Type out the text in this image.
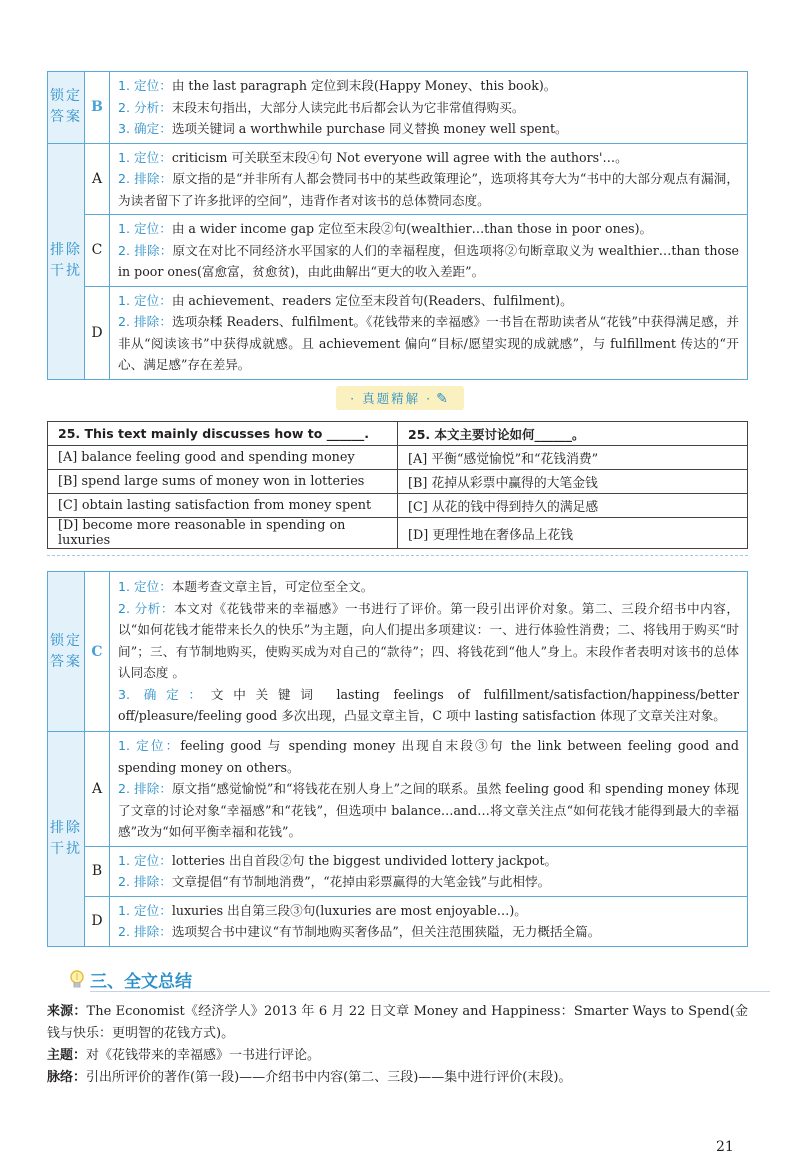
锁定答案	B	1. 定位：由 the last paragraph 定位到末段(Happy Money、this book)。
2. 分析：末段末句指出，大部分人读完此书后都会认为它非常值得购买。
3. 确定：选项关键词 a worthwhile purchase 同义替换 money well spent。

排除干扰	A	1. 定位：criticism 可关联至末段④句 Not everyone will agree with the authors'…。
2. 排除：原文指的是“并非所有人都会赞同书中的某些政策理论”，选项将其夸大为“书中的大部分观点有漏洞，为读者留下了许多批评的空间”，违背作者对该书的总体赞同态度。

	C	1. 定位：由 a wider income gap 定位至末段②句(wealthier…than those in poor ones)。
2. 排除：原文在对比不同经济水平国家的人们的幸福程度，但选项将②句断章取义为 wealthier…than those in poor ones(富愈富，贫愈贫)，由此曲解出“更大的收入差距”。

	D	1. 定位：由 achievement、readers 定位至末段首句(Readers、fulfilment)。
2. 排除：选项杂糅 Readers、fulfilment。《花钱带来的幸福感》一书旨在帮助读者从“花钱”中获得满足感，并非从“阅读该书”中获得成就感。且 achievement 偏向“目标/愿望实现的成就感”，与 fulfillment 传达的“开心、满足感”存在差异。
· 真题精解 · ✎
25. This text mainly discusses how to ______.	25. 本文主要讨论如何______。
[A] balance feeling good and spending money	[A] 平衡“感觉愉悦”和“花钱消费”
[B] spend large sums of money won in lotteries	[B] 花掉从彩票中赢得的大笔金钱
[C] obtain lasting satisfaction from money spent	[C] 从花的钱中得到持久的满足感
[D] become more reasonable in spending on luxuries	[D] 更理性地在奢侈品上花钱
锁定答案	C	1. 定位：本题考查文章主旨，可定位至全文。
2. 分析：本文对《花钱带来的幸福感》一书进行了评价。第一段引出评价对象。第二、三段介绍书中内容，以“如何花钱才能带来长久的快乐”为主题，向人们提出多项建议：一、进行体验性消费；二、将钱用于购买“时间”；三、有节制地购买，使购买成为对自己的“款待”；四、将钱花到“他人”身上。末段作者表明对该书的总体认同态度 。
3. 确定：文中关键词 lasting feelings of fulfillment/satisfaction/happiness/better off/pleasure/feeling good 多次出现，凸显文章主旨，C 项中 lasting satisfaction 体现了文章关注对象。

排除干扰	A	1. 定位：feeling good 与 spending money 出现自末段③句 the link between feeling good and spending money on others。
2. 排除：原文指“感觉愉悦”和“将钱花在别人身上”之间的联系。虽然 feeling good 和 spending money 体现了文章的讨论对象“幸福感”和“花钱”，但选项中 balance…and…将文章关注点“如何花钱才能得到最大的幸福感”改为“如何平衡幸福和花钱”。

	B	1. 定位：lotteries 出自首段②句 the biggest undivided lottery jackpot。
2. 排除：文章提倡“有节制地消费”，“花掉由彩票赢得的大笔金钱”与此相悖。

	D	1. 定位：luxuries 出自第三段③句(luxuries are most enjoyable…)。
2. 排除：选项契合书中建议“有节制地购买奢侈品”，但关注范围狭隘，无力概括全篇。
三、全文总结

来源：The Economist《经济学人》2013 年 6 月 22 日文章 Money and Happiness：Smarter Ways to Spend(金钱与快乐：更明智的花钱方式)。

主题：对《花钱带来的幸福感》一书进行评论。

脉络：引出所评价的著作(第一段)——介绍书中内容(第二、三段)——集中进行评价(末段)。

21
